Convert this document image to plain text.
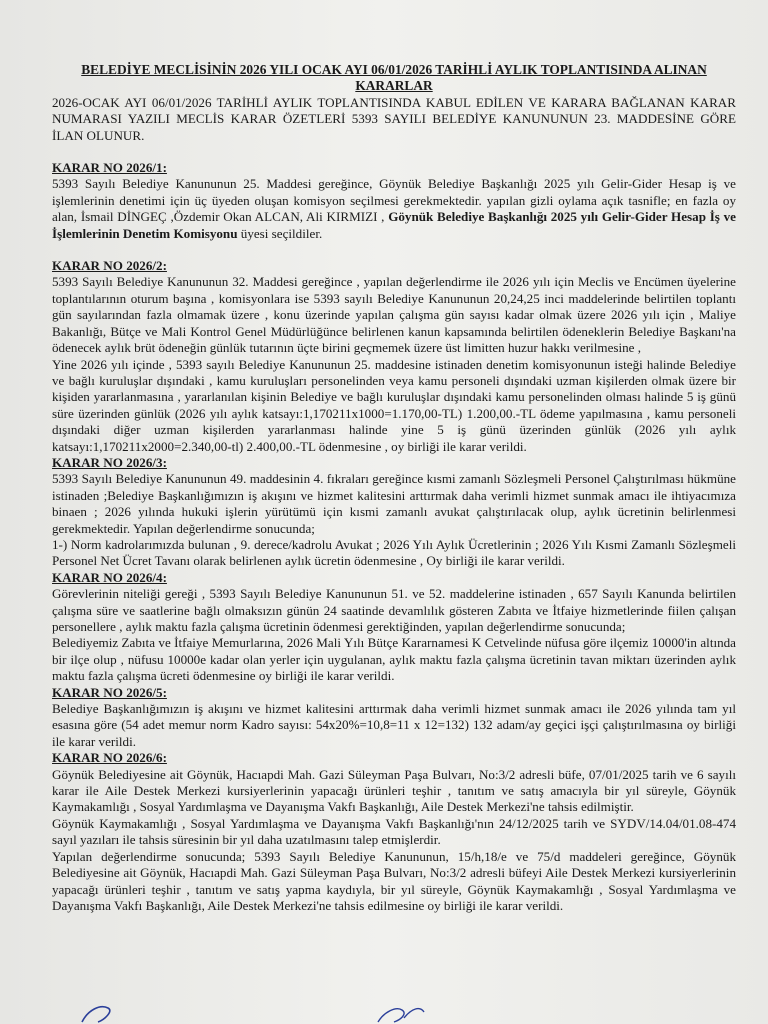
BELEDİYE MECLİSİNİN 2026 YILI OCAK AYI 06/01/2026 TARİHLİ AYLIK TOPLANTISINDA ALINAN KARARLAR

2026-OCAK AYI 06/01/2026 TARİHLİ AYLIK TOPLANTISINDA KABUL EDİLEN VE KARARA BAĞLANAN KARAR NUMARASI YAZILI MECLİS KARAR ÖZETLERİ 5393 SAYILI BELEDİYE KANUNUNUN 23. MADDESİNE GÖRE İLAN OLUNUR.

KARAR NO 2026/1:

5393 Sayılı Belediye Kanununun 25. Maddesi gereğince, Göynük Belediye Başkanlığı 2025 yılı Gelir-Gider Hesap iş ve işlemlerinin denetimi için üç üyeden oluşan komisyon seçilmesi gerekmektedir. yapılan gizli oylama açık tasnifle; en fazla oy alan, İsmail DİNGEÇ ,Özdemir Okan ALCAN, Ali KIRMIZI , Göynük Belediye Başkanlığı 2025 yılı Gelir-Gider Hesap İş ve İşlemlerinin Denetim Komisyonu üyesi seçildiler.

KARAR NO 2026/2:

5393 Sayılı Belediye Kanununun 32. Maddesi gereğince , yapılan değerlendirme ile 2026 yılı için Meclis ve Encümen üyelerine toplantılarının oturum başına , komisyonlara ise 5393 sayılı Belediye Kanununun 20,24,25 inci maddelerinde belirtilen toplantı gün sayılarından fazla olmamak üzere , konu üzerinde yapılan çalışma gün sayısı kadar olmak üzere 2026 yılı için , Maliye Bakanlığı, Bütçe ve Mali Kontrol Genel Müdürlüğünce belirlenen kanun kapsamında belirtilen ödeneklerin Belediye Başkanı'na ödenecek aylık brüt ödeneğin günlük tutarının üçte birini geçmemek üzere üst limitten huzur hakkı verilmesine ,

Yine 2026 yılı içinde , 5393 sayılı Belediye Kanununun 25. maddesine istinaden denetim komisyonunun isteği halinde Belediye ve bağlı kuruluşlar dışındaki , kamu kuruluşları personelinden veya kamu personeli dışındaki uzman kişilerden olmak üzere bir kişiden yararlanmasına , yararlanılan kişinin Belediye ve bağlı kuruluşlar dışındaki kamu personelinden olması halinde 5 iş günü süre üzerinden günlük (2026 yılı aylık katsayı:1,170211x1000=1.170,00-TL) 1.200,00.-TL ödeme yapılmasına , kamu personeli dışındaki diğer uzman kişilerden yararlanması halinde yine 5 iş günü üzerinden günlük (2026 yılı aylık katsayı:1,170211x2000=2.340,00-tl) 2.400,00.-TL ödenmesine , oy birliği ile karar verildi.

KARAR NO 2026/3:

5393 Sayılı Belediye Kanununun 49. maddesinin 4. fıkraları gereğince kısmi zamanlı Sözleşmeli Personel Çalıştırılması hükmüne istinaden ;Belediye Başkanlığımızın iş akışını ve hizmet kalitesini arttırmak daha verimli hizmet sunmak amacı ile ihtiyacımıza binaen ; 2026 yılında hukuki işlerin yürütümü için kısmi zamanlı avukat çalıştırılacak olup, aylık ücretinin belirlenmesi gerekmektedir. Yapılan değerlendirme sonucunda;

1-) Norm kadrolarımızda bulunan , 9. derece/kadrolu Avukat ; 2026 Yılı Aylık Ücretlerinin ; 2026 Yılı Kısmi Zamanlı Sözleşmeli Personel Net Ücret Tavanı olarak belirlenen aylık ücretin ödenmesine , Oy birliği ile karar verildi.

KARAR NO 2026/4:

Görevlerinin niteliği gereği , 5393 Sayılı Belediye Kanununun 51. ve 52. maddelerine istinaden , 657 Sayılı Kanunda belirtilen çalışma süre ve saatlerine bağlı olmaksızın günün 24 saatinde devamlılık gösteren Zabıta ve İtfaiye hizmetlerinde fiilen çalışan personellere , aylık maktu fazla çalışma ücretinin ödenmesi gerektiğinden, yapılan değerlendirme sonucunda;

Belediyemiz Zabıta ve İtfaiye Memurlarına, 2026 Mali Yılı Bütçe Kararnamesi K Cetvelinde nüfusa göre ilçemiz 10000'in altında bir ilçe olup , nüfusu 10000e kadar olan yerler için uygulanan, aylık maktu fazla çalışma ücretinin tavan miktarı üzerinden aylık maktu fazla çalışma ücreti ödenmesine oy birliği ile karar verildi.

KARAR NO 2026/5:

Belediye Başkanlığımızın iş akışını ve hizmet kalitesini arttırmak daha verimli hizmet sunmak amacı ile 2026 yılında tam yıl esasına göre (54 adet memur norm Kadro sayısı: 54x20%=10,8=11 x 12=132) 132 adam/ay geçici işçi çalıştırılmasına oy birliği ile karar verildi.

KARAR NO 2026/6:

Göynük Belediyesine ait Göynük, Hacıapdi Mah. Gazi Süleyman Paşa Bulvarı, No:3/2 adresli büfe, 07/01/2025 tarih ve 6 sayılı karar ile Aile Destek Merkezi kursiyerlerinin yapacağı ürünleri teşhir , tanıtım ve satış amacıyla bir yıl süreyle, Göynük Kaymakamlığı , Sosyal Yardımlaşma ve Dayanışma Vakfı Başkanlığı, Aile Destek Merkezi'ne tahsis edilmiştir.

Göynük Kaymakamlığı , Sosyal Yardımlaşma ve Dayanışma Vakfı Başkanlığı'nın 24/12/2025 tarih ve SYDV/14.04/01.08-474 sayıl yazıları ile tahsis süresinin bir yıl daha uzatılmasını talep etmişlerdir.

Yapılan değerlendirme sonucunda; 5393 Sayılı Belediye Kanununun, 15/h,18/e ve 75/d maddeleri gereğince, Göynük Belediyesine ait Göynük, Hacıapdi Mah. Gazi Süleyman Paşa Bulvarı, No:3/2 adresli büfeyi Aile Destek Merkezi kursiyerlerinin yapacağı ürünleri teşhir , tanıtım ve satış yapma kaydıyla, bir yıl süreyle, Göynük Kaymakamlığı , Sosyal Yardımlaşma ve Dayanışma Vakfı Başkanlığı, Aile Destek Merkezi'ne tahsis edilmesine oy birliği ile karar verildi.
